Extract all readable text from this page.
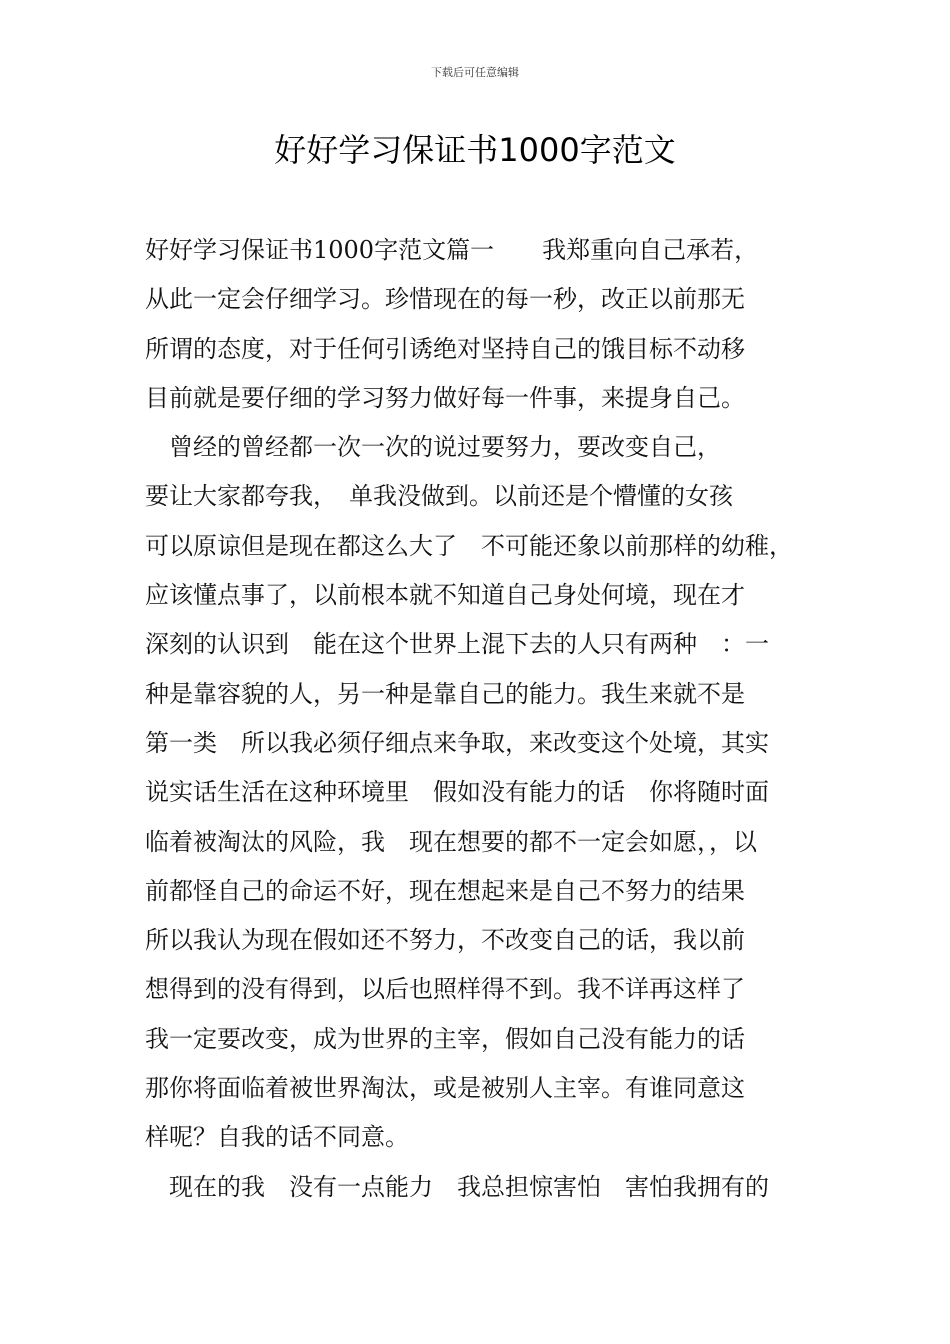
下载后可任意编辑
好好学习保证书1000字范文
好好学习保证书1000字范文篇一　　我郑重向自己承若，
从此一定会仔细学习。珍惜现在的每一秒，改正以前那无
所谓的态度，对于任何引诱绝对坚持自己的饿目标不动移
目前就是要仔细的学习努力做好每一件事，来提身自己。
　曾经的曾经都一次一次的说过要努力，要改变自己，
要让大家都夸我，　单我没做到。以前还是个懵懂的女孩
可以原谅但是现在都这么大了　不可能还象以前那样的幼稚，
应该懂点事了，以前根本就不知道自己身处何境，现在才
深刻的认识到　能在这个世界上混下去的人只有两种　：一
种是靠容貌的人，另一种是靠自己的能力。我生来就不是
第一类　所以我必须仔细点来争取，来改变这个处境，其实
说实话生活在这种环境里　假如没有能力的话　你将随时面
临着被淘汰的风险，我　现在想要的都不一定会如愿，，以
前都怪自己的命运不好，现在想起来是自己不努力的结果
所以我认为现在假如还不努力，不改变自己的话，我以前
想得到的没有得到，以后也照样得不到。我不详再这样了
我一定要改变，成为世界的主宰，假如自己没有能力的话
那你将面临着被世界淘汰，或是被别人主宰。有谁同意这
样呢？自我的话不同意。
　现在的我　没有一点能力　我总担惊害怕　害怕我拥有的
